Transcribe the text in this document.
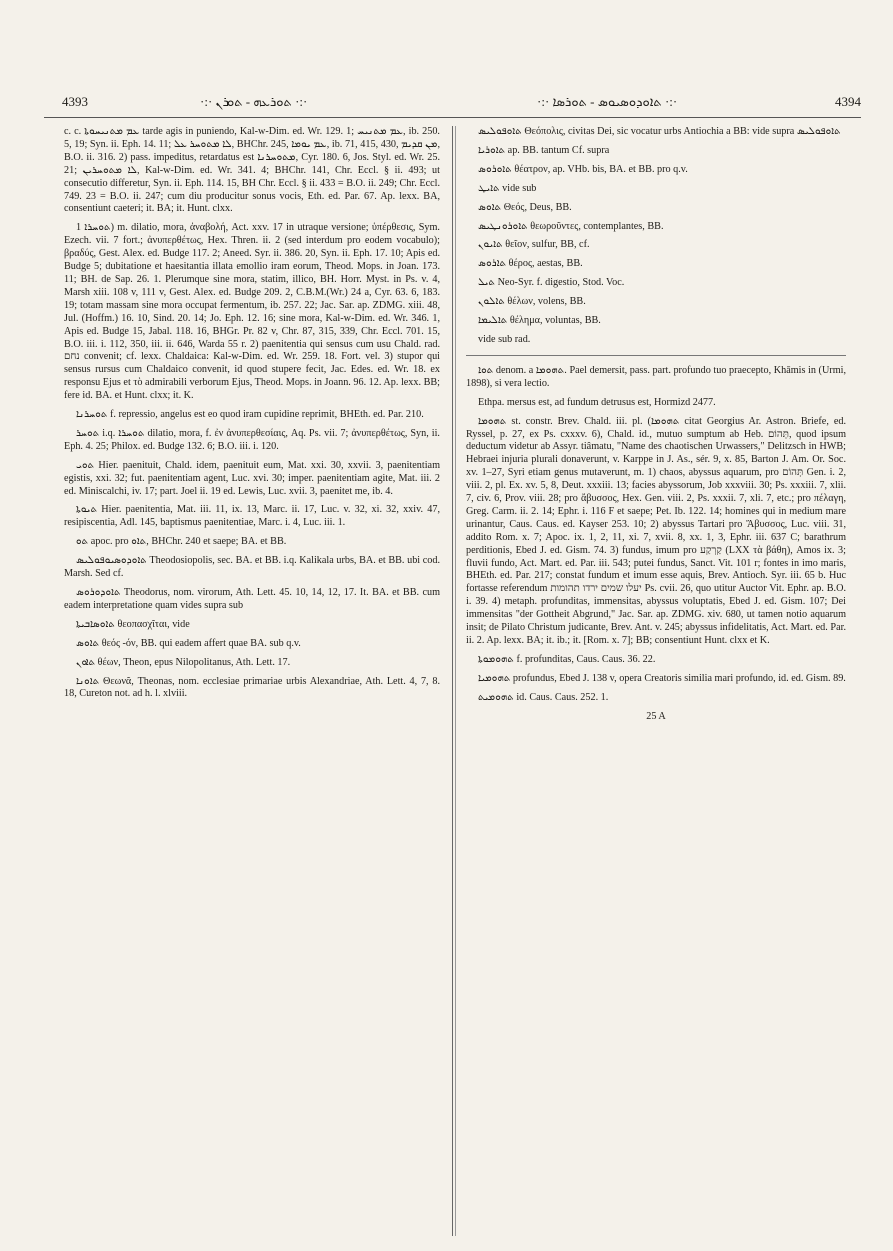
4393	·:· ܬܘܪܥܗ - ܬܘܪܢ ·:·	·:· ܬܐܘܕܘܣܝܘܣ - ܬܘܪܣܐ ·:·	4394

c. c. ܥܡ ܡܬܢܝܚܘܬܐ tarde agis in puniendo, Kal-w-Dim. ed. Wr. 129. 1; ܥܡ ܡܬܢܝܚ, ib. 250. 5, 19; Syn. ii. Eph. 14. 11; ܠܐ ܡܬܘܚܪ ܥܠ, BHChr. 245, ܥܡ ܝܘܡܐ, ib. 71, 415, 430, ܡܢ ܩܕܝܡ, B.O. ii. 316. 2) pass. impeditus, retardatus est ܡܬܘܚܪܢܐ, Cyr. 180. 6, Jos. Styl. ed. Wr. 25. 21; ܠܐ ܡܬܘܚܪܝܢ, Kal-w-Dim. ed. Wr. 341. 4; BHChr. 141, Chr. Eccl. § ii. 493; ut consecutio differetur, Syn. ii. Eph. 114. 15, BH Chr. Eccl. § ii. 433 = B.O. ii. 249; Chr. Eccl. 749. 23 = B.O. ii. 247; cum diu producitur sonus vocis, Eth. ed. Par. 67. Ap. lexx. BA, consentiunt caeteri; it. BA; it. Hunt. clxx.

ܬܘܚܪܐ 1) m. dilatio, mora, ἀναβολή, Act. xxv. 17 in utraque versione; ὑπέρθεσις, Sym. Ezech. vii. 7 fort.; ἀνυπερθέτως, Hex. Thren. ii. 2 (sed interdum pro eodem vocabulo); βραδύς, Gest. Alex. ed. Budge 117. 2; Aneed. Syr. ii. 386. 20, Syn. ii. Eph. 17. 10; Apis ed. Budge 5; dubitatione et haesitantia illata emollio iram eorum, Theod. Mops. in Joan. 173. 11; BH. de Sap. 26. 1. Plerumque sine mora, statim, illico, BH. Horr. Myst. in Ps. v. 4, Marsh xiii. 108 v, 111 v, Gest. Alex. ed. Budge 209. 2, C.B.M.(Wr.) 24 a, Cyr. 63. 6, 183. 19; totam massam sine mora occupat fermentum, ib. 257. 22; Jac. Sar. ap. ZDMG. xiii. 48, Jul. (Hoffm.) 16. 10, Sind. 20. 14; Jo. Eph. 12. 16; sine mora, Kal-w-Dim. ed. Wr. 346. 1, Apis ed. Budge 15, Jabal. 118. 16, BHGr. Pr. 82 v, Chr. 87, 315, 339, Chr. Eccl. 701. 15, B.O. iii. i. 112, 350, iii. ii. 646, Warda 55 r. 2) paenitentia qui sensus cum usu Chald. rad. נחם convenit; cf. lexx. Chaldaica: Kal-w-Dim. ed. Wr. 259. 18. Fort. vel. 3) stupor qui sensus rursus cum Chaldaico convenit, id quod stupere fecit, Jac. Edes. ed. Wr. 18. ex responsu Ejus et τὸ admirabili verborum Ejus, Theod. Mops. in Joann. 96. 12. Ap. lexx. BB; fere id. BA. et Hunt. clxx; it. K.

ܬܘܚܪܢܐ f. repressio, angelus est eo quod iram cupidine reprimit, BHEth. ed. Par. 210.

ܬܘܚܪ i.q. ܬܘܚܪܐ dilatio, mora, f. ἐν ἀνυπερθεσίαις, Aq. Ps. vii. 7; ἀνυπερθέτως, Syn, ii. Eph. 4. 25; Philox. ed. Budge 132. 6; B.O. iii. i. 120.

ܬܘܝ Hier. paenituit, Chald. idem, paenituit eum, Mat. xxi. 30, xxvii. 3, paenitentiam egistis, xxi. 32; fut. paenitentiam agent, Luc. xvi. 30; imper. paenitentiam agite, Mat. iii. 2 ed. Miniscalchi, iv. 17; part. Joel ii. 19 ed. Lewis, Luc. xvii. 3, paenitet me, ib. 4.

ܬܝܘܬܐ Hier. paenitentia, Mat. iii. 11, ix. 13, Marc. ii. 17, Luc. v. 32, xi. 32, xxiv. 47, resipiscentia, Adl. 145, baptismus paenitentiae, Marc. i. 4, Luc. iii. 1.

ܬܘ apoc. pro ܬܐܘ, BHChr. 240 et saepe; BA. et BB.

ܬܐܘܕܘܣܝܘܦܘܠܝܣ Theodosiopolis, sec. BA. et BB. i.q. Kalikala urbs, BA. et BB. ubi cod. Marsh. Sed cf.

ܬܐܘܕܘܪܘܣ Theodorus, nom. virorum, Ath. Lett. 45. 10, 14, 12, 17. It. BA. et BB. cum eadem interpretatione quam vides supra sub

ܬܐܘܣܐܒܝܬܐ θεοπασχῖται, vide

ܬܐܘܣ θεός -όν, BB. qui eadem affert quae BA. sub q.v.

ܬܐܘܢ θέων, Theon, epus Nilopolitanus, Ath. Lett. 17.

ܬܐܘܢܐ Θεωνᾶ, Theonas, nom. ecclesiae primariae urbis Alexandriae, Ath. Lett. 4, 7, 8. 18, Cureton not. ad h. l. xlviii.

ܬܐܘܦܘܠܝܣ Θεόπολις, civitas Dei, sic vocatur urbs Antiochia a BB: vide supra ܬܐܘܦܘܠܝܣ

ܬܐܘܪܝܐ ap. BB. tantum Cf. supra

ܬܐܘܪܘܣ θέατρον, ap. VHb. bis, BA. et BB. pro q.v.

ܬܐܝܛ vide sub

ܬܐܘܣ Θεός, Deus, BB.

ܬܐܘܪܘܢܛܝܣ θεωροῦντες, contemplantes, BB.

ܬܐܝܘܢ θεῖον, sulfur, BB, cf.

ܬܐܪܘܣ θέρος, aestas, BB.

ܬܝܠ Neo-Syr. f. digestio, Stod. Voc.

ܬܐܠܘܢ θέλων, volens, BB.

ܬܐܠܝܡܐ θέλημα, voluntas, BB.

vide sub rad.

ܬܘܐ denom. a ܬܗܘܡܐ. Pael demersit, pass. part. profundo tuo praecepto, Khāmis in (Urmi, 1898), si vera lectio.

Ethpa. mersus est, ad fundum detrusus est, Hormizd 2477.

ܬܗܘܡܐ st. constr. Brev. Chald. iii. pl. (ܬܗܘܡܐ citat Georgius Ar. Astron. Briefe, ed. Ryssel, p. 27, ex Ps. cxxxv. 6), Chald. id., mutuo sumptum ab Heb. תְּהוֹם, quod ipsum deductum videtur ab Assyr. tiâmatu, "Name des chaotischen Urwassers," Delitzsch in HWB; Hebraei injuria plurali donaverunt, v. Karppe in J. As., sér. 9, x. 85, Barton J. Am. Or. Soc. xv. 1–27, Syri etiam genus mutaverunt, m. 1) chaos, abyssus aquarum, pro תְּהוֹם Gen. i. 2, viii. 2, pl. Ex. xv. 5, 8, Deut. xxxiii. 13; facies abyssorum, Job xxxviii. 30; Ps. xxxiii. 7, xlii. 7, civ. 6, Prov. viii. 28; pro ἄβυσσος, Hex. Gen. viii. 2, Ps. xxxii. 7, xli. 7, etc.; pro πέλαγη, Greg. Carm. ii. 2. 14; Ephr. i. 116 F et saepe; Pet. Ib. 122. 14; homines qui in medium mare urinantur, Caus. Caus. ed. Kayser 253. 10; 2) abyssus Tartari pro Ἄβυσσος, Luc. viii. 31, addito Rom. x. 7; Apoc. ix. 1, 2, 11, xi. 7, xvii. 8, xx. 1, 3, Ephr. iii. 637 C; barathrum perditionis, Ebed J. ed. Gism. 74. 3) fundus, imum pro קַרְקַע (LXX τὰ βάθη), Amos ix. 3; fluvii fundo, Act. Mart. ed. Par. iii. 543; putei fundus, Sanct. Vit. 101 r; fontes in imo maris, BHEth. ed. Par. 217; constat fundum et imum esse aquis, Brev. Antioch. Syr. iii. 65 b. Huc fortasse referendum יעלו שמים ירדו תהומות Ps. cvii. 26, quo utitur Auctor Vit. Ephr. ap. B.O. i. 39. 4) metaph. profunditas, immensitas, abyssus voluptatis, Ebed J. ed. Gism. 107; Dei immensitas "der Gottheit Abgrund," Jac. Sar. ap. ZDMG. xiv. 680, ut tamen notio aquarum insit; de Pilato Christum judicante, Brev. Ant. v. 245; abyssus infidelitatis, Act. Mart. ed. Par. ii. 2. Ap. lexx. BA; it. ib.; it. [Rom. x. 7]; BB; consentiunt Hunt. clxx et K.

ܬܗܘܡܘܬܐ f. profunditas, Caus. Caus. 36. 22.

ܬܗܘܡܝܐ profundus, Ebed J. 138 v, opera Creatoris similia mari profundo, id. ed. Gism. 89.

ܬܗܘܡܝܬ id. Caus. Caus. 252. 1.

25 A
